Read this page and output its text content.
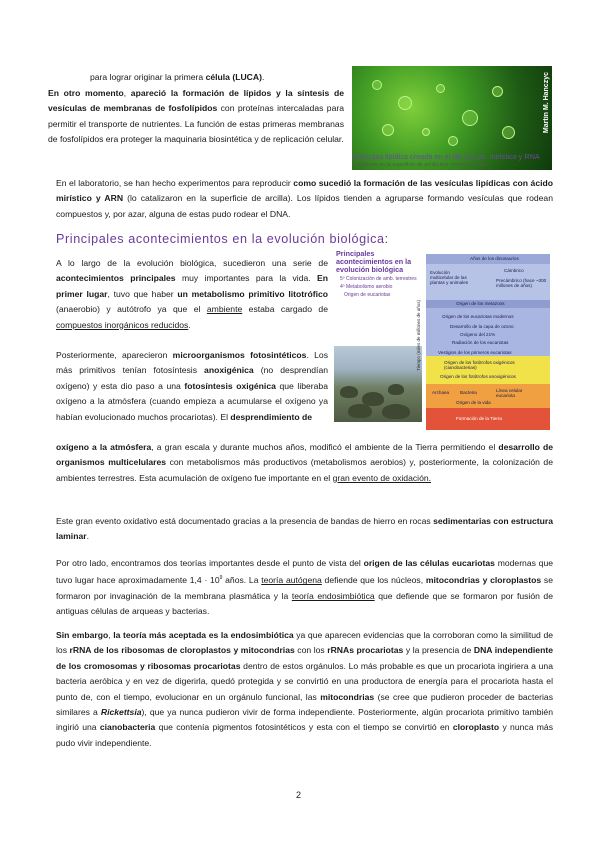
para lograr originar la primera célula (LUCA).
En otro momento, apareció la formación de lípidos y la síntesis de vesículas de membranas de fosfolípidos con proteínas intercaladas para permitir el transporte de nutrientes. La función de estas primeras membranas de fosfolípidos era proteger la maquinaria biosintética y de replicación celular.
Martin M. Hanczyc
Vesículas lipídica creada en el lab con ac. mirístico y RNA
Catalizada en la superficie de arcilla tipo montmorillonita
En el laboratorio, se han hecho experimentos para reproducir como sucedió la formación de las vesículas lipídicas con ácido mirístico y ARN (lo catalizaron en la superficie de arcilla). Los lípidos tienden a agruparse formando vesículas que rodean compuestos y, por azar, alguna de estas pudo rodear el DNA.
Principales acontecimientos en la evolución biológica:
A lo largo de la evolución biológica, sucedieron una serie de acontecimientos principales muy importantes para la vida. En primer lugar, tuvo que haber un metabolismo primitivo litotrófico (anaerobio) y autótrofo ya que el ambiente estaba cargado de compuestos inorgánicos reducidos.
Principales acontecimientos en la evolución biológica
5º Colonización de amb. terrestres
4º Metabolismo aerobio
Origen de eucariotas
Tiempo (miles de millones de años)
Años de los dinosaurios
Evolución multicelular de las plantas y animales
Cámbrico
Precámbrico (hace ~300 millones de años)
Origen de los metazoos
Origen de los eucariotas modernos
Desarrollo de la capa de ozono
Oxígeno del 21%
Radiación de los eucariotas
Vestigios de los primeros eucariotas
Origen de los fotótrofos oxigénicos (cianobacterias)
Origen de los fotótrofos anoxigénicos
Archaea Bacteria	Línea celular eucariota
Origen de la vida
Formación de la Tierra
Posteriormente, aparecieron microorganismos fotosintéticos. Los más primitivos tenían fotosíntesis anoxigénica (no desprendían oxígeno) y esta dio paso a una fotosíntesis oxigénica que liberaba oxígeno a la atmósfera (cuando empieza a acumularse el oxígeno ya habían evolucionado muchos procariotas). El desprendimiento de
oxígeno a la atmósfera, a gran escala y durante muchos años, modificó el ambiente de la Tierra permitiendo el desarrollo de organismos multicelulares con metabolismos más productivos (metabolismos aerobios) y, posteriormente, la colonización de ambientes terrestres. Esta acumulación de oxígeno fue importante en el gran evento de oxidación.
Este gran evento oxidativo está documentado gracias a la presencia de bandas de hierro en rocas sedimentarias con estructura laminar.
Por otro lado, encontramos dos teorías importantes desde el punto de vista del origen de las células eucariotas modernas que tuvo lugar hace aproximadamente $1,4 \cdot 10^9$ años. La teoría autógena defiende que los núcleos, mitocondrias y cloroplastos se formaron por invaginación de la membrana plasmática y la teoría endosimbiótica que defiende que se formaron por fusión de antiguas células de arqueas y bacterias.
Sin embargo, la teoría más aceptada es la endosimbiótica ya que aparecen evidencias que la corroboran como la similitud de los rRNA de los ribosomas de cloroplastos y mitocondrias con los rRNAs procariotas y la presencia de DNA independiente de los cromosomas y ribosomas procariotas dentro de estos orgánulos. Lo más probable es que un procariota ingiriera a una bacteria aeróbica y en vez de digerirla, quedó protegida y se convirtió en una productora de energía para el procariota hasta el punto de, con el tiempo, evolucionar en un orgánulo funcional, las mitocondrias (se cree que pudieron proceder de bacterias similares a Rickettsia), que ya nunca pudieron vivir de forma independiente. Posteriormente, algún procariota primitivo también ingirió una cianobacteria que contenía pigmentos fotosintéticos y esta con el tiempo se convirtió en cloroplasto y nunca más pudo vivir independiente.
2
